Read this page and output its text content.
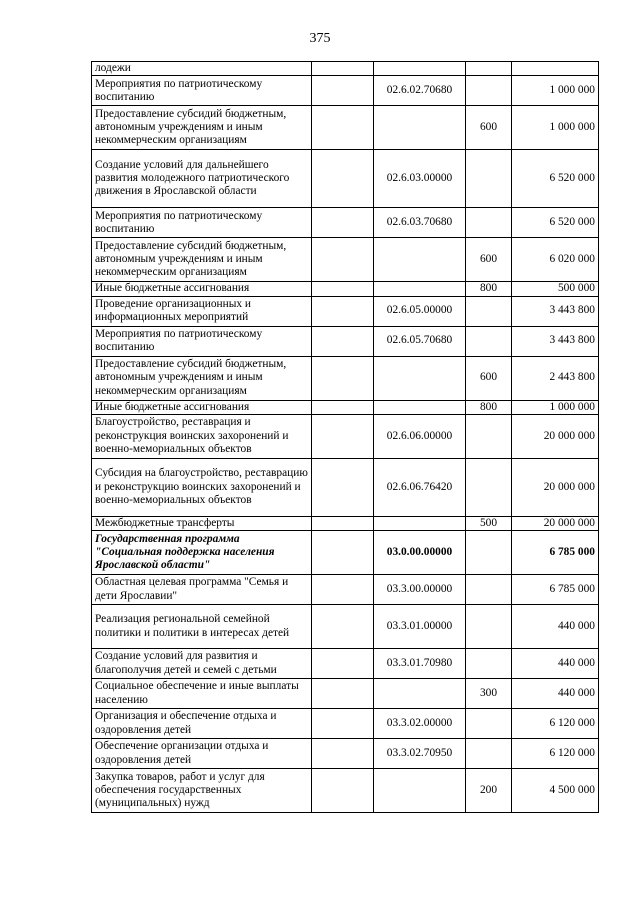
375
лодежи				
Мероприятия по патриотическому воспитанию		02.6.02.70680		1 000 000
Предоставление субсидий бюджетным, автономным учреждениям и иным некоммерческим организациям			600	1 000 000
Создание условий для дальнейшего развития молодежного патриотического движения в Ярославской области		02.6.03.00000		6 520 000
Мероприятия по патриотическому воспитанию		02.6.03.70680		6 520 000
Предоставление субсидий бюджетным, автономным учреждениям и иным некоммерческим организациям			600	6 020 000
Иные бюджетные ассигнования			800	500 000
Проведение организационных и информационных мероприятий		02.6.05.00000		3 443 800
Мероприятия по патриотическому воспитанию		02.6.05.70680		3 443 800
Предоставление субсидий бюджетным, автономным учреждениям и иным некоммерческим организациям			600	2 443 800
Иные бюджетные ассигнования			800	1 000 000
Благоустройство, реставрация и реконструкция воинских захоронений и военно-мемориальных объектов		02.6.06.00000		20 000 000
Субсидия на благоустройство, реставрацию и реконструкцию воинских захоронений и военно-мемориальных объектов		02.6.06.76420		20 000 000
Межбюджетные трансферты			500	20 000 000
Государственная программа "Социальная поддержка населения Ярославской области"		03.0.00.00000		6 785 000
Областная целевая программа "Семья и дети Ярославии"		03.3.00.00000		6 785 000
Реализация региональной семейной политики и политики в интересах детей		03.3.01.00000		440 000
Создание условий для развития и благополучия детей и семей с детьми		03.3.01.70980		440 000
Социальное обеспечение и иные выплаты населению			300	440 000
Организация и обеспечение отдыха и оздоровления детей		03.3.02.00000		6 120 000
Обеспечение организации отдыха и оздоровления детей		03.3.02.70950		6 120 000
Закупка товаров, работ и услуг для обеспечения государственных (муниципальных) нужд			200	4 500 000
